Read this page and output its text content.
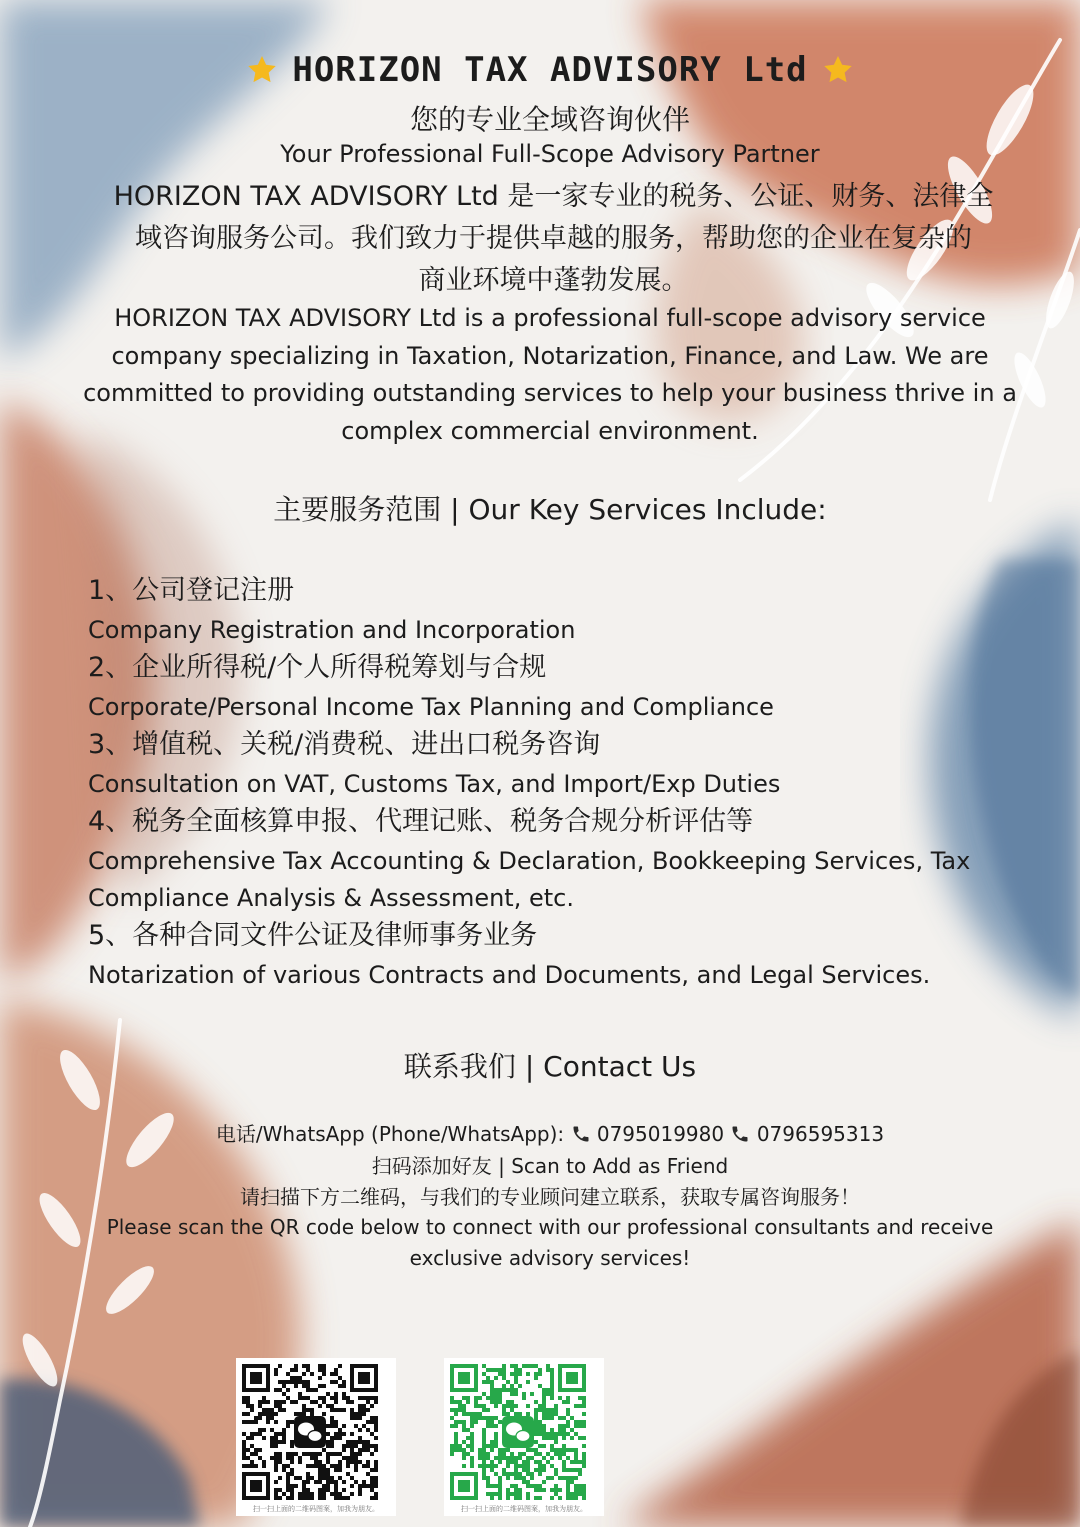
HORIZON TAX ADVISORY Ltd
您的专业全域咨询伙伴
Your Professional Full-Scope Advisory Partner
HORIZON TAX ADVISORY Ltd 是一家专业的税务、公证、财务、法律全
域咨询服务公司。我们致力于提供卓越的服务，帮助您的企业在复杂的
商业环境中蓬勃发展。
HORIZON TAX ADVISORY Ltd is a professional full-scope advisory service company specializing in Taxation, Notarization, Finance, and Law. We are committed to providing outstanding services to help your business thrive in a complex commercial environment.
主要服务范围 | Our Key Services Include:
1、公司登记注册
Company Registration and Incorporation
2、企业所得税/个人所得税筹划与合规
Corporate/Personal Income Tax Planning and Compliance
3、增值税、关税/消费税、进出口税务咨询
Consultation on VAT, Customs Tax, and Import/Exp Duties
4、税务全面核算申报、代理记账、税务合规分析评估等
Comprehensive Tax Accounting & Declaration, Bookkeeping Services, Tax Compliance Analysis & Assessment, etc.
5、各种合同文件公证及律师事务业务
Notarization of various Contracts and Documents, and Legal Services.
联系我们 | Contact Us
电话/WhatsApp (Phone/WhatsApp): 0795019980 0796595313
扫码添加好友 | Scan to Add as Friend
请扫描下方二维码，与我们的专业顾问建立联系，获取专属咨询服务！
Please scan the QR code below to connect with our professional consultants and receive exclusive advisory services!
扫一扫上面的二维码图案，加我为朋友。	扫一扫上面的二维码图案，加我为朋友。
